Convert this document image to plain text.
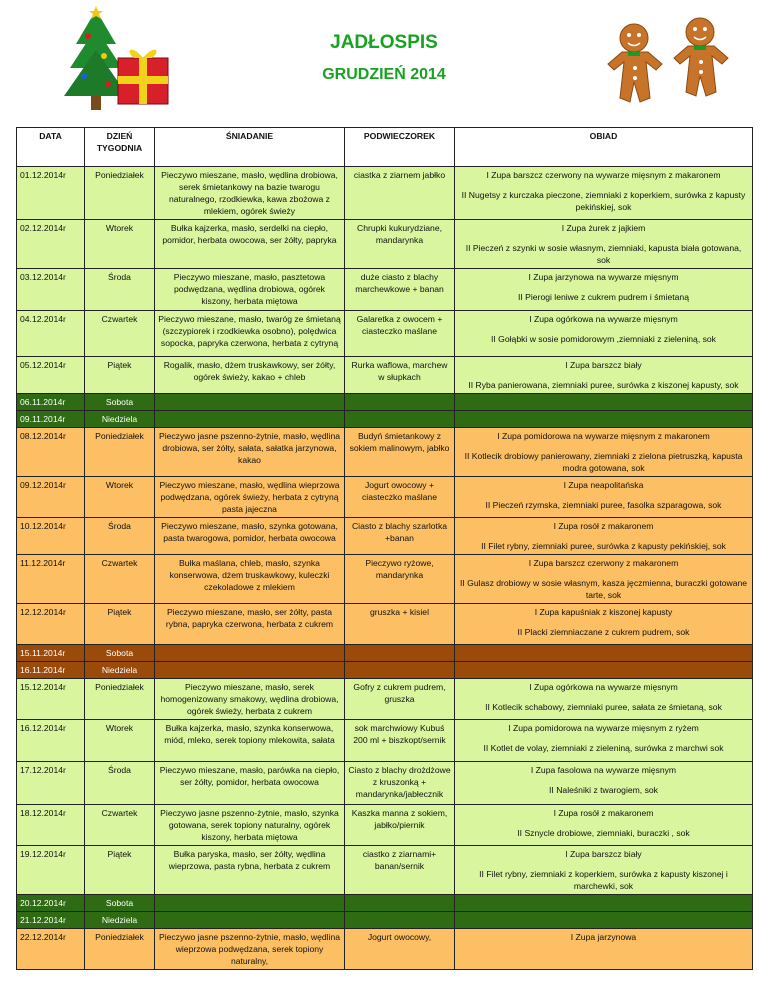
JADŁOSPIS
GRUDZIEŃ 2014
DATA	DZIEŃ TYGODNIA	ŚNIADANIE	PODWIECZOREK	OBIAD
01.12.2014r	Poniedziałek	Pieczywo mieszane, masło, wędlina drobiowa, serek śmietankowy na bazie twarogu naturalnego, rzodkiewka, kawa zbożowa z mlekiem, ogórek świeży	ciastka z ziarnem jabłko	I Zupa barszcz czerwony na wywarze mięsnym z makaronem
II Nugetsy z kurczaka pieczone, ziemniaki z koperkiem, surówka z kapusty pekińskiej, sok

02.12.2014r	Wtorek	Bułka kajzerka, masło, serdelki na ciepło, pomidor, herbata owocowa, ser żółty, papryka	Chrupki kukurydziane, mandarynka	I Zupa żurek z jajkiem
II Pieczeń z szynki w sosie własnym, ziemniaki, kapusta biała gotowana, sok

03.12.2014r	Środa	Pieczywo mieszane, masło, pasztetowa podwędzana, wędlina drobiowa, ogórek kiszony, herbata miętowa	duże ciasto z blachy marchewkowe + banan	I Zupa jarzynowa na wywarze mięsnym
II Pierogi leniwe z cukrem pudrem i śmietaną

04.12.2014r	Czwartek	Pieczywo mieszane, masło, twaróg ze śmietaną (szczypiorek i rzodkiewka osobno), polędwica sopocka, papryka czerwona, herbata z cytryną	Galaretka z owocem + ciasteczko maślane	I Zupa ogórkowa na wywarze mięsnym
II Gołąbki w sosie pomidorowym ,ziemniaki z zieleniną, sok

05.12.2014r	Piątek	Rogalik, masło, dżem truskawkowy, ser żółty, ogórek świeży, kakao + chleb	Rurka waflowa, marchew w słupkach	I Zupa barszcz biały
II Ryba panierowana, ziemniaki puree, surówka z kiszonej kapusty, sok

06.11.2014r	Sobota			
09.11.2014r	Niedziela			
08.12.2014r	Poniedziałek	Pieczywo jasne pszenno-żytnie, masło, wędlina drobiowa, ser żółty, sałata, sałatka jarzynowa, kakao	Budyń śmietankowy z sokiem malinowym, jabłko	I Zupa pomidorowa na wywarze mięsnym z makaronem
II Kotlecik drobiowy panierowany, ziemniaki z zielona pietruszką, kapusta modra gotowana, sok

09.12.2014r	Wtorek	Pieczywo mieszane, masło, wędlina wieprzowa podwędzana, ogórek świeży, herbata z cytryną pasta jajeczna	Jogurt owocowy + ciasteczko maślane	I Zupa neapolitańska
II Pieczeń rzymska, ziemniaki puree, fasolka szparagowa, sok

10.12.2014r	Środa	Pieczywo mieszane, masło, szynka gotowana, pasta twarogowa, pomidor, herbata owocowa	Ciasto z blachy szarlotka +banan	I Zupa rosół z makaronem
II Filet rybny, ziemniaki puree, surówka z kapusty pekińskiej, sok

11.12.2014r	Czwartek	Bułka maślana, chleb, masło, szynka konserwowa, dżem truskawkowy, kuleczki czekoladowe z mlekiem	Pieczywo ryżowe, mandarynka	I Zupa barszcz czerwony z makaronem
II Gulasz drobiowy w sosie własnym, kasza jęczmienna, buraczki gotowane tarte, sok

12.12.2014r	Piątek	Pieczywo mieszane, masło, ser żółty, pasta rybna, papryka czerwona, herbata z cukrem	gruszka + kisiel	I Zupa kapuśniak z kiszonej kapusty
II Placki ziemniaczane z cukrem pudrem, sok

15.11.2014r	Sobota			
16.11.2014r	Niedziela			
15.12.2014r	Poniedziałek	Pieczywo mieszane, masło, serek homogenizowany smakowy, wędlina drobiowa, ogórek świeży, herbata z cukrem	Gofry z cukrem pudrem, gruszka	I Zupa ogórkowa na wywarze mięsnym
II Kotlecik schabowy, ziemniaki puree, sałata ze śmietaną, sok

16.12.2014r	Wtorek	Bułka kajzerka, masło, szynka konserwowa, miód, mleko, serek topiony mlekowita, sałata	sok marchwiowy Kubuś 200 ml + biszkopt/sernik	I Zupa pomidorowa na wywarze mięsnym z ryżem
II Kotlet de volay, ziemniaki z zieleniną, surówka z marchwi sok

17.12.2014r	Środa	Pieczywo mieszane, masło, parówka na ciepło, ser żółty, pomidor, herbata owocowa	Ciasto z blachy drożdżowe z kruszonką + mandarynka/jabłecznik	I Zupa fasolowa na wywarze mięsnym
II Naleśniki z twarogiem, sok

18.12.2014r	Czwartek	Pieczywo jasne pszenno-żytnie, masło, szynka gotowana, serek topiony naturalny, ogórek kiszony, herbata miętowa	Kaszka manna z sokiem, jabłko/piernik	I Zupa rosół z makaronem
II Sznycle drobiowe, ziemniaki, buraczki , sok

19.12.2014r	Piątek	Bułka paryska, masło, ser żółty, wędlina wieprzowa, pasta rybna, herbata z cukrem	ciastko z ziarnami+ banan/sernik	I Zupa barszcz biały
II Filet rybny, ziemniaki z koperkiem, surówka z kapusty kiszonej i marchewki, sok

20.12.2014r	Sobota			
21.12.2014r	Niedziela			
22.12.2014r	Poniedziałek	Pieczywo jasne pszenno-żytnie, masło, wędlina wieprzowa podwędzana, serek topiony naturalny,	Jogurt owocowy,	I Zupa jarzynowa
